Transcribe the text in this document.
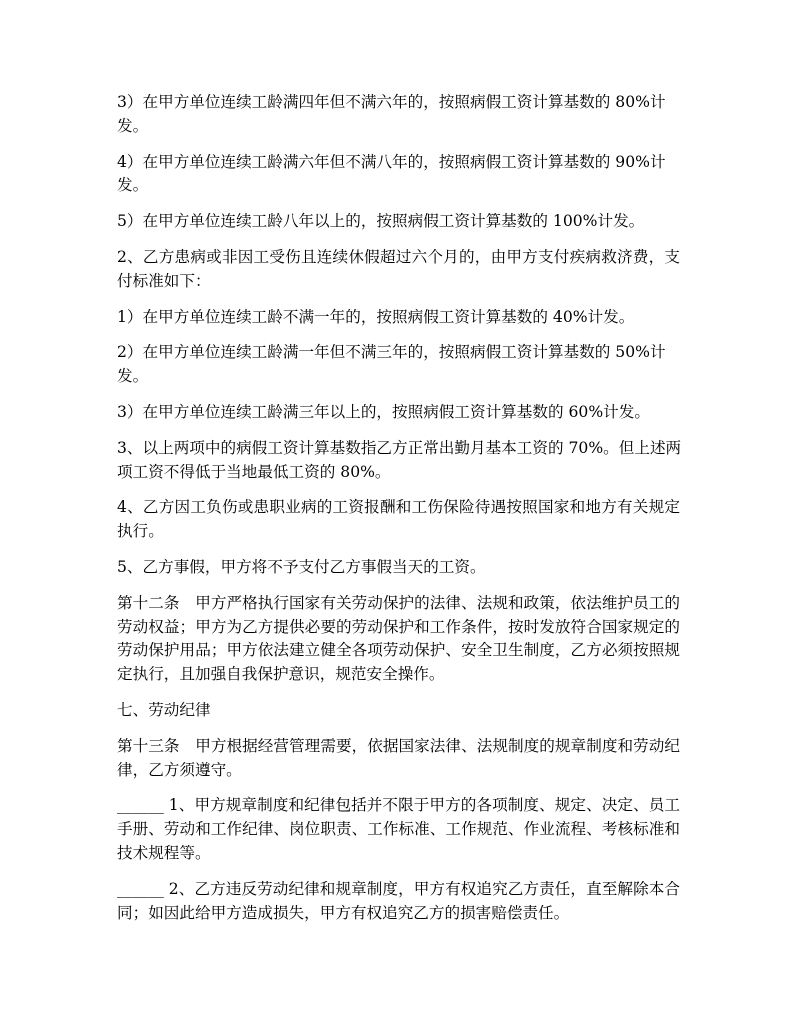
3）在甲方单位连续工龄满四年但不满六年的，按照病假工资计算基数的 80%计
发。
4）在甲方单位连续工龄满六年但不满八年的，按照病假工资计算基数的 90%计
发。
5）在甲方单位连续工龄八年以上的，按照病假工资计算基数的 100%计发。
2、乙方患病或非因工受伤且连续休假超过六个月的，由甲方支付疾病救济费，支
付标准如下：
1）在甲方单位连续工龄不满一年的，按照病假工资计算基数的 40%计发。
2）在甲方单位连续工龄满一年但不满三年的，按照病假工资计算基数的 50%计
发。
3）在甲方单位连续工龄满三年以上的，按照病假工资计算基数的 60%计发。
3、以上两项中的病假工资计算基数指乙方正常出勤月基本工资的 70%。但上述两
项工资不得低于当地最低工资的 80%。
4、乙方因工负伤或患职业病的工资报酬和工伤保险待遇按照国家和地方有关规定
执行。
5、乙方事假，甲方将不予支付乙方事假当天的工资。
第十二条　甲方严格执行国家有关劳动保护的法律、法规和政策，依法维护员工的
劳动权益；甲方为乙方提供必要的劳动保护和工作条件，按时发放符合国家规定的
劳动保护用品；甲方依法建立健全各项劳动保护、安全卫生制度，乙方必须按照规
定执行，且加强自我保护意识，规范安全操作。
七、劳动纪律
第十三条　甲方根据经营管理需要，依据国家法律、法规制度的规章制度和劳动纪
律，乙方须遵守。
______ 1、甲方规章制度和纪律包括并不限于甲方的各项制度、规定、决定、员工
手册、劳动和工作纪律、岗位职责、工作标准、工作规范、作业流程、考核标准和
技术规程等。
______ 2、乙方违反劳动纪律和规章制度，甲方有权追究乙方责任，直至解除本合
同；如因此给甲方造成损失，甲方有权追究乙方的损害赔偿责任。
